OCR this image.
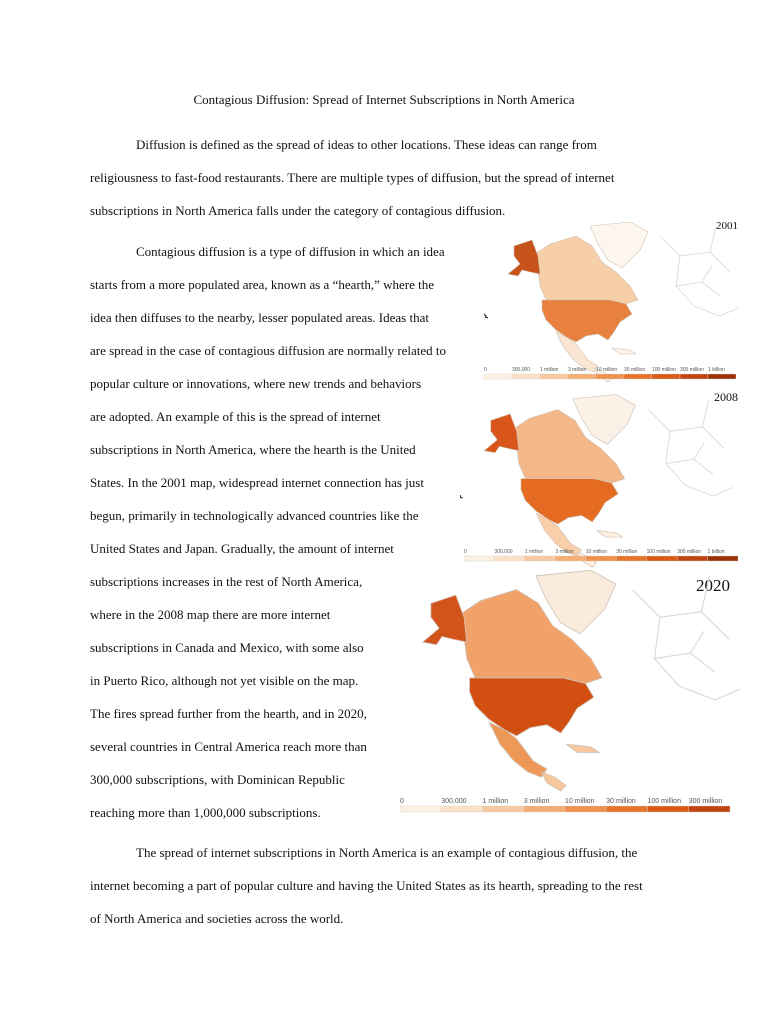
Contagious Diffusion: Spread of Internet Subscriptions in North America
Diffusion is defined as the spread of ideas to other locations. These ideas can range from
religiousness to fast-food restaurants. There are multiple types of diffusion, but the spread of internet
subscriptions in North America falls under the category of contagious diffusion.
Contagious diffusion is a type of diffusion in which an idea
starts from a more populated area, known as a “hearth,” where the
idea then diffuses to the nearby, lesser populated areas. Ideas that
are spread in the case of contagious diffusion are normally related to
popular culture or innovations, where new trends and behaviors
are adopted. An example of this is the spread of internet
subscriptions in North America, where the hearth is the United
States. In the 2001 map, widespread internet connection has just
begun, primarily in technologically advanced countries like the
United States and Japan. Gradually, the amount of internet
subscriptions increases in the rest of North America,
where in the 2008 map there are more internet
subscriptions in Canada and Mexico, with some also
in Puerto Rico, although not yet visible on the map.
The fires spread further from the hearth, and in 2020,
several countries in Central America reach more than
300,000 subscriptions, with Dominican Republic
reaching more than 1,000,000 subscriptions.
The spread of internet subscriptions in North America is an example of contagious diffusion, the
internet becoming a part of popular culture and having the United States as its hearth, spreading to the rest
of North America and societies across the world.
2001
0	300,000 1 million 3 million 10 million 30 million 100 million 300 million 1 billion
2008
0	300,000 1 million 3 million 10 million 30 million 100 million 300 million 1 billion
2020
0	300,000 1 million 3 million 10 million 30 million 100 million 300 million
